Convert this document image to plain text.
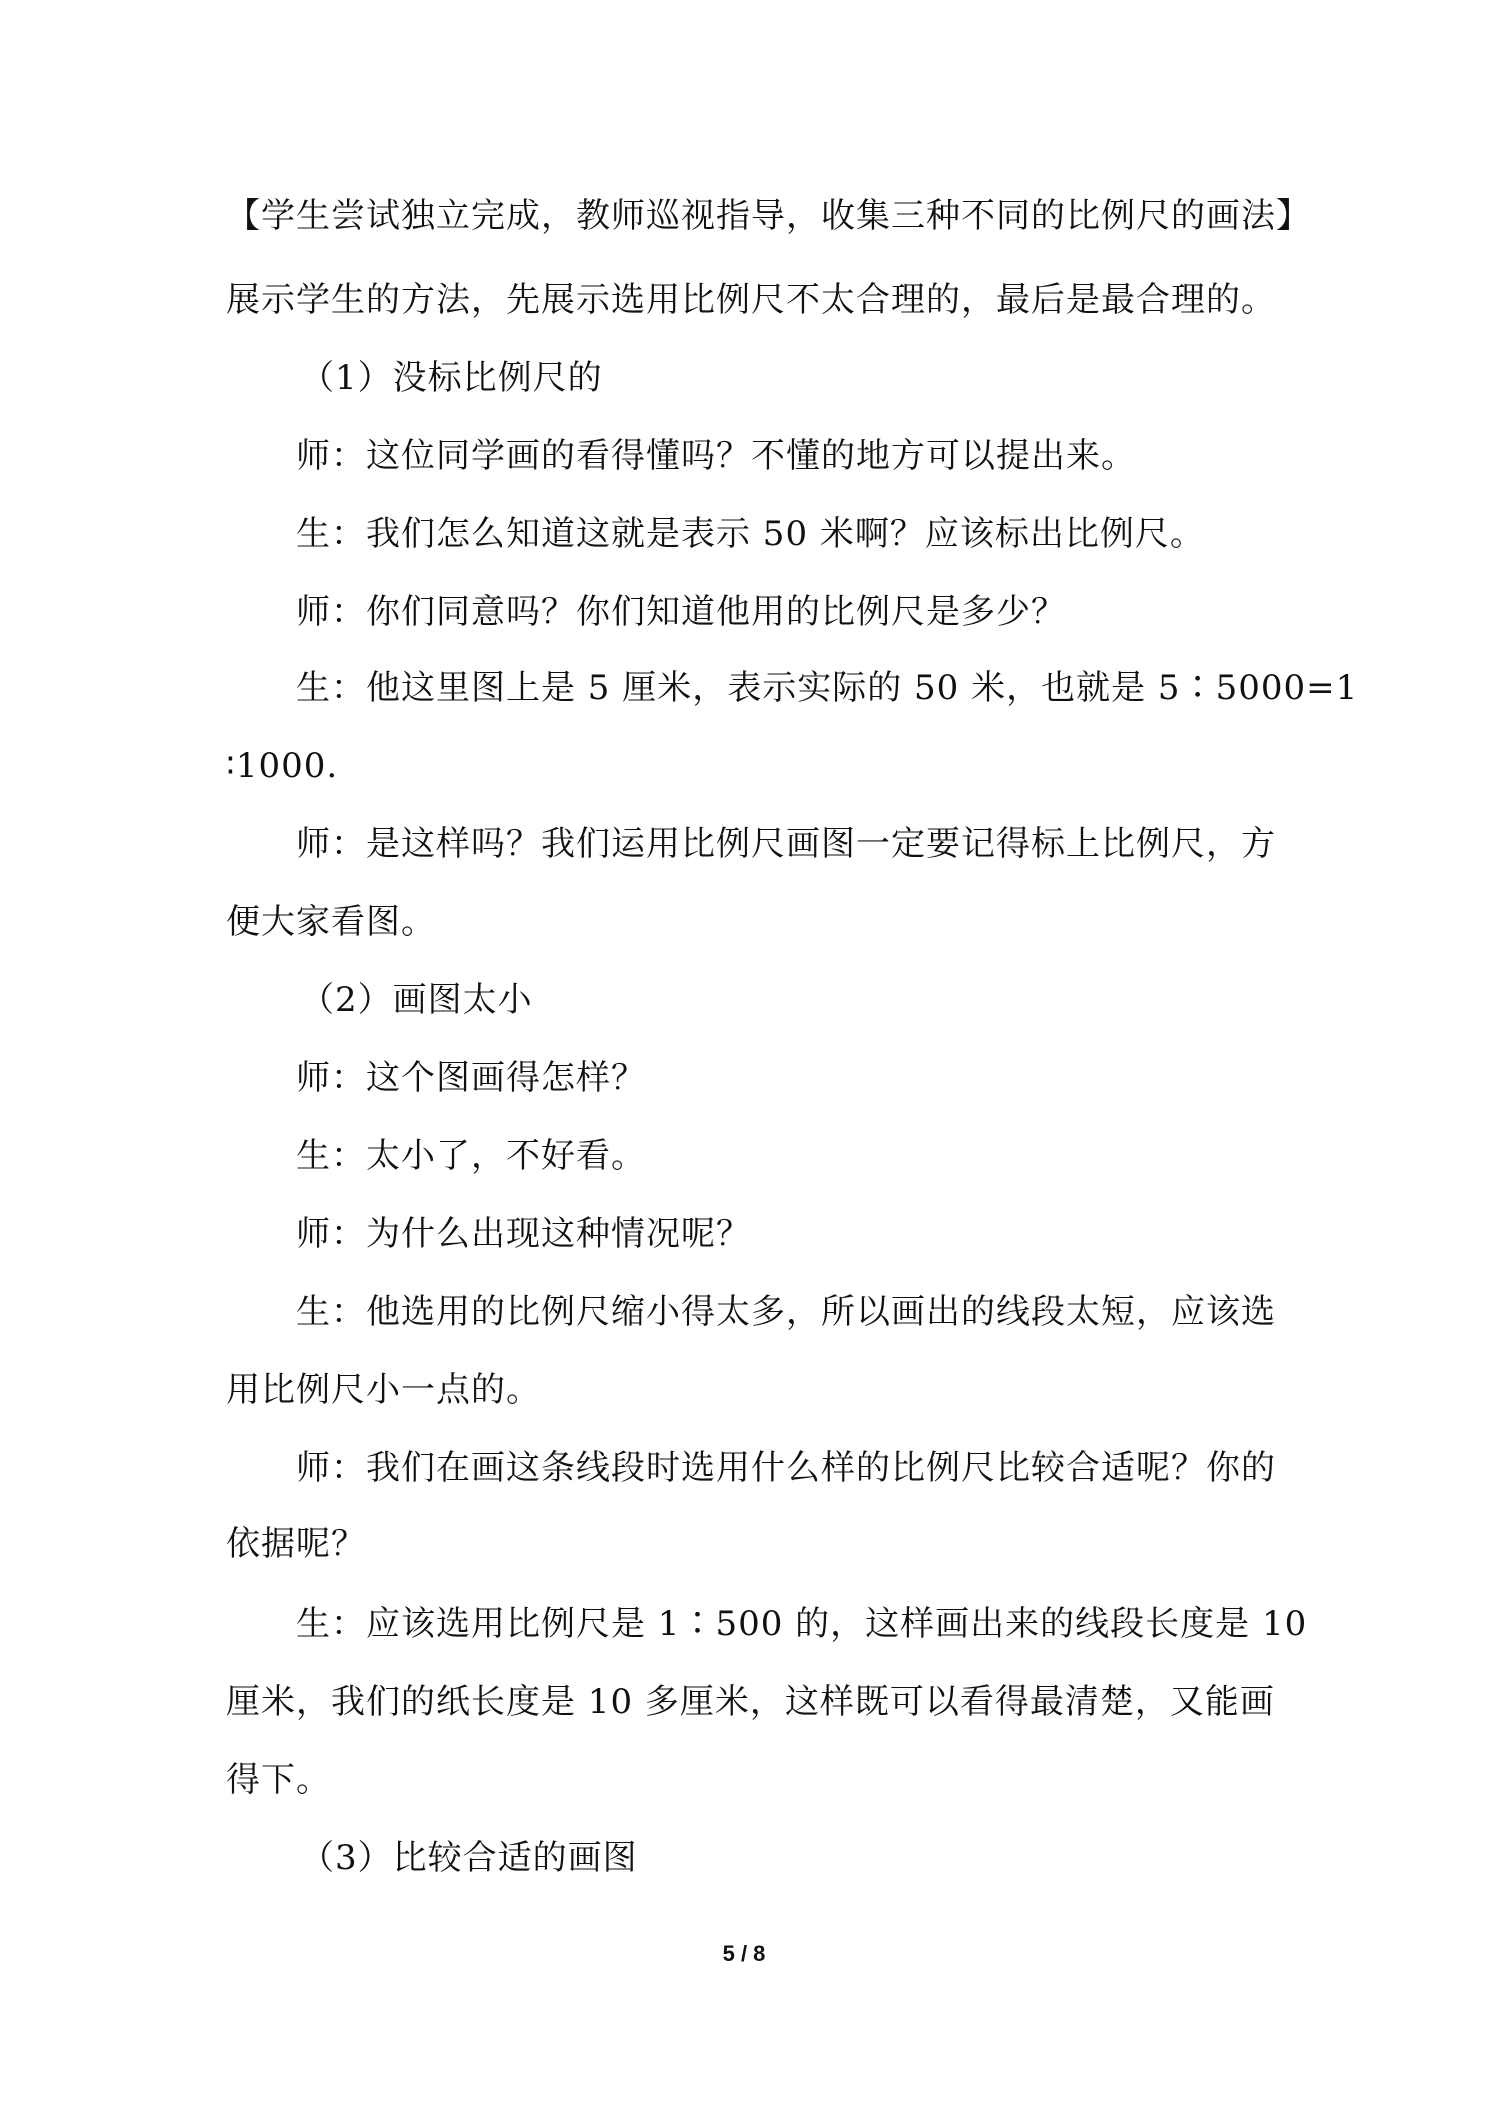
【学生尝试独立完成，教师巡视指导，收集三种不同的比例尺的画法】
展示学生的方法，先展示选用比例尺不太合理的，最后是最合理的。
（1）没标比例尺的
师：这位同学画的看得懂吗？不懂的地方可以提出来。
生：我们怎么知道这就是表示 50 米啊？应该标出比例尺。
师：你们同意吗？你们知道他用的比例尺是多少？
生：他这里图上是 5 厘米，表示实际的 50 米，也就是 5∶5000=1
∶1000.
师：是这样吗？我们运用比例尺画图一定要记得标上比例尺，方
便大家看图。
（2）画图太小
师：这个图画得怎样？
生：太小了，不好看。
师：为什么出现这种情况呢？
生：他选用的比例尺缩小得太多，所以画出的线段太短，应该选
用比例尺小一点的。
师：我们在画这条线段时选用什么样的比例尺比较合适呢？你的
依据呢？
生：应该选用比例尺是 1∶500 的，这样画出来的线段长度是 10
厘米，我们的纸长度是 10 多厘米，这样既可以看得最清楚，又能画
得下。
（3）比较合适的画图
5 / 8
